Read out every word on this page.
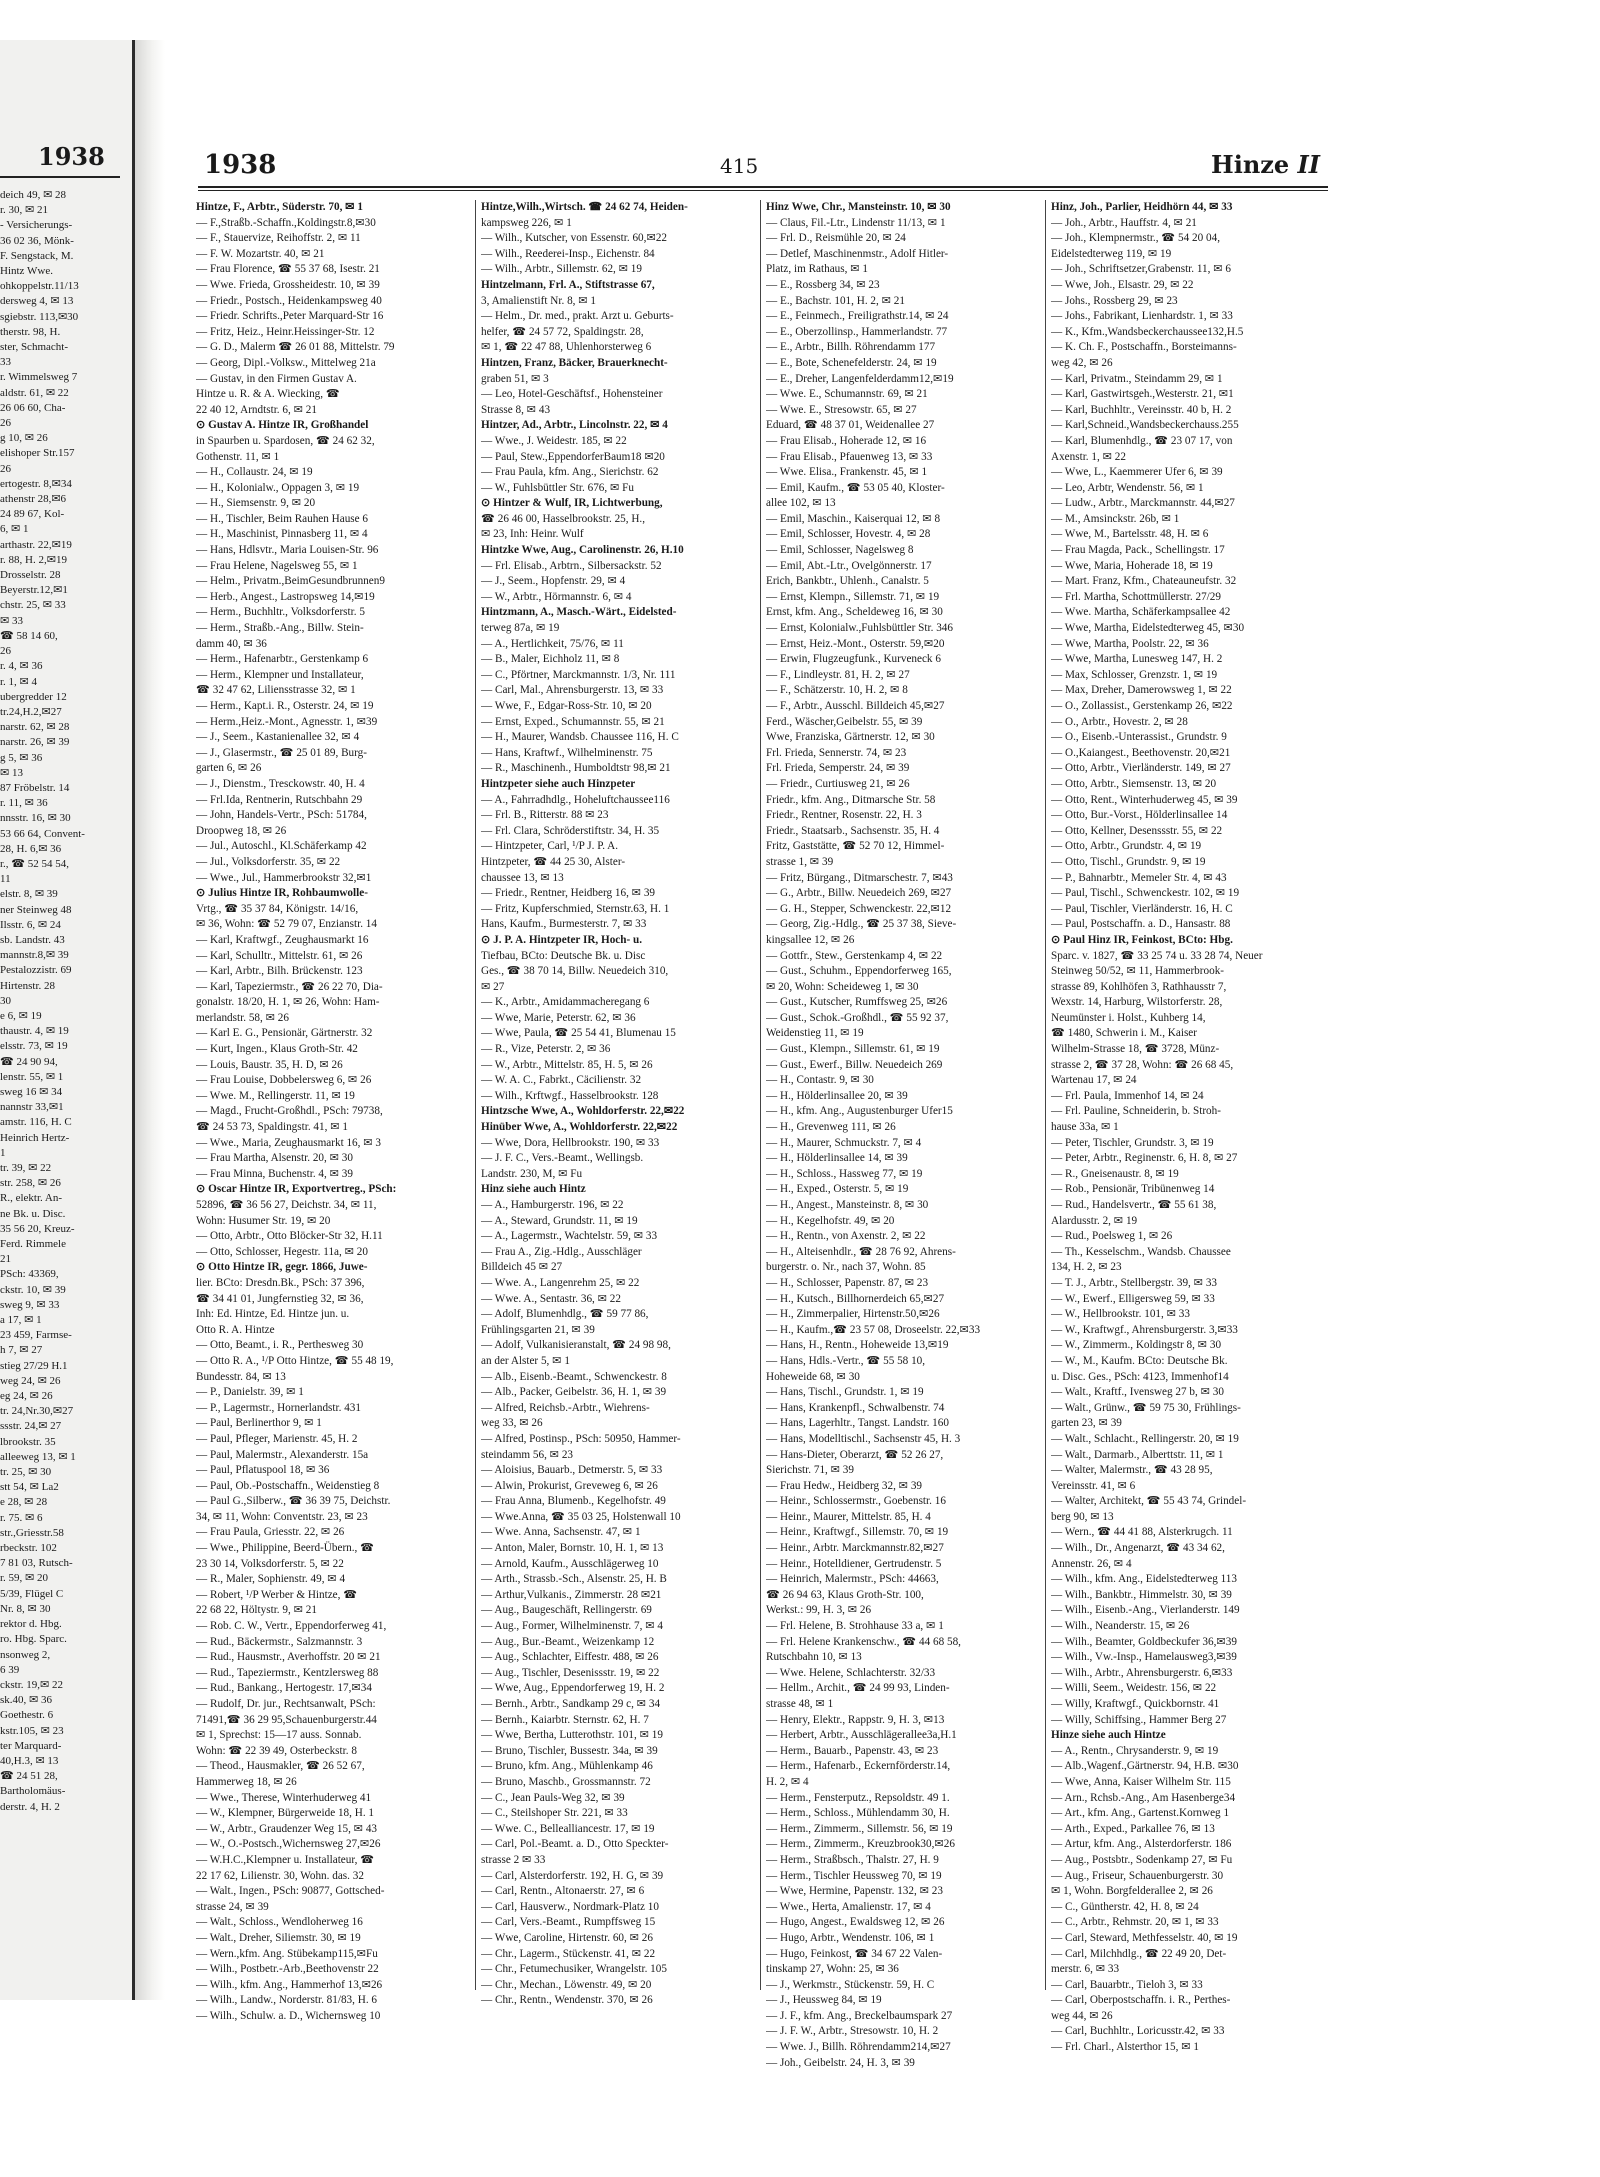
1938
deich 49, ✉ 28
r. 30, ✉ 21
- Versicherungs-
36 02 36, Mönk-
F. Sengstack, M.
Hintz Wwe.
ohkoppelstr.11/13
dersweg 4, ✉ 13
sgiebstr. 113,✉30
therstr. 98, H.
ster, Schmacht-
33
r. Wimmelsweg 7
aldstr. 61, ✉ 22
26 06 60, Cha-
26
g 10, ✉ 26
elishoper Str.157
26
ertogestr. 8,✉34
athenstr 28,✉6
24 89 67, Kol-
6, ✉ 1
arthastr. 22,✉19
r. 88, H. 2,✉19
Drosselstr. 28
Beyerstr.12,✉1
chstr. 25, ✉ 33
✉ 33
☎ 58 14 60,
26
r. 4, ✉ 36
r. 1, ✉ 4
ubergredder 12
tr.24,H.2,✉27
narstr. 62, ✉ 28
narstr. 26, ✉ 39
g 5, ✉ 36
✉ 13
87 Fröbelstr. 14
r. 11, ✉ 36
nnsstr. 16, ✉ 30
53 66 64, Convent-
28, H. 6,✉ 36
r., ☎ 52 54 54,
11
elstr. 8, ✉ 39
ner Steinweg 48
Ilsstr. 6, ✉ 24
sb. Landstr. 43
mannstr.8,✉ 39
Pestalozzistr. 69
Hirtenstr. 28
30
e 6, ✉ 19
thaustr. 4, ✉ 19
elsstr. 73, ✉ 19
☎ 24 90 94,
lenstr. 55, ✉ 1
sweg 16 ✉ 34
nannstr 33,✉1
amstr. 116, H. C
Heinrich Hertz-
1
tr. 39, ✉ 22
str. 258, ✉ 26
R., elektr. An-
ne Bk. u. Disc.
35 56 20, Kreuz-
Ferd. Rimmele
21
PSch: 43369,
ckstr. 10, ✉ 39
sweg 9, ✉ 33
a 17, ✉ 1
23 459, Farmse-
h 7, ✉ 27
stieg 27/29 H.1
weg 24, ✉ 26
eg 24, ✉ 26
tr. 24,Nr.30,✉27
ssstr. 24,✉ 27
lbrookstr. 35
alleeweg 13, ✉ 1
tr. 25, ✉ 30
stt 54, ✉ La2
e 28, ✉ 28
r. 75. ✉ 6
str.,Griesstr.58
rbeckstr. 102
7 81 03, Rutsch-
r. 59, ✉ 20
5/39, Flügel C
Nr. 8, ✉ 30
rektor d. Hbg.
ro. Hbg. Sparc.
nsonweg 2,
6 39
ckstr. 19,✉ 22
sk.40, ✉ 36
Goethestr. 6
kstr.105, ✉ 23
ter Marquard-
40,H.3, ✉ 13
☎ 24 51 28,
Bartholomäus-
derstr. 4, H. 2
1938	415	Hinze II
Hintze, F., Arbtr., Süderstr. 70, ✉ 1
— F.,Straßb.-Schaffn.,Koldingstr.8,✉30
— F., Stauervize, Reihoffstr. 2, ✉ 11
— F. W. Mozartstr. 40, ✉ 21
— Frau Florence, ☎ 55 37 68, Isestr. 21
— Wwe. Frieda, Grossheidestr. 10, ✉ 39
— Friedr., Postsch., Heidenkampsweg 40
— Friedr. Schrifts.,Peter Marquard-Str 16
— Fritz, Heiz., Heinr.Heissinger-Str. 12
— G. D., Malerm ☎ 26 01 88, Mittelstr. 79
— Georg, Dipl.-Volksw., Mittelweg 21a
— Gustav, in den Firmen Gustav A.
Hintze u. R. & A. Wiecking, ☎
22 40 12, Arndtstr. 6, ✉ 21
⊙ Gustav A. Hintze IR, Großhandel
in Spaurben u. Spardosen, ☎ 24 62 32,
Gothenstr. 11, ✉ 1
— H., Collaustr. 24, ✉ 19
— H., Kolonialw., Oppagen 3, ✉ 19
— H., Siemsenstr. 9, ✉ 20
— H., Tischler, Beim Rauhen Hause 6
— H., Maschinist, Pinnasberg 11, ✉ 4
— Hans, Hdlsvtr., Maria Louisen-Str. 96
— Frau Helene, Nagelsweg 55, ✉ 1
— Helm., Privatm.,BeimGesundbrunnen9
— Herb., Angest., Lastropsweg 14,✉19
— Herm., Buchhltr., Volksdorferstr. 5
— Herm., Straßb.-Ang., Billw. Stein-
damm 40, ✉ 36
— Herm., Hafenarbtr., Gerstenkamp 6
— Herm., Klempner und Installateur,
☎ 32 47 62, Liliensstrasse 32, ✉ 1
— Herm., Kapt.i. R., Osterstr. 24, ✉ 19
— Herm.,Heiz.-Mont., Agnesstr. 1, ✉39
— J., Seem., Kastanienallee 32, ✉ 4
— J., Glasermstr., ☎ 25 01 89, Burg-
garten 6, ✉ 26
— J., Dienstm., Tresckowstr. 40, H. 4
— Frl.Ida, Rentnerin, Rutschbahn 29
— John, Handels-Vertr., PSch: 51784,
Droopweg 18, ✉ 26
— Jul., Autoschl., Kl.Schäferkamp 42
— Jul., Volksdorferstr. 35, ✉ 22
— Wwe., Jul., Hammerbrookstr 32,✉1
⊙ Julius Hintze IR, Rohbaumwolle-
Vrtg., ☎ 35 37 84, Königstr. 14/16,
✉ 36, Wohn: ☎ 52 79 07, Enzianstr. 14
— Karl, Kraftwgf., Zeughausmarkt 16
— Karl, Schulltr., Mittelstr. 61, ✉ 26
— Karl, Arbtr., Bilh. Brückenstr. 123
— Karl, Tapeziermstr., ☎ 26 22 70, Dia-
gonalstr. 18/20, H. 1, ✉ 26, Wohn: Ham-
merlandstr. 58, ✉ 26
— Karl E. G., Pensionär, Gärtnerstr. 32
— Kurt, Ingen., Klaus Groth-Str. 42
— Louis, Baustr. 35, H. D, ✉ 26
— Frau Louise, Dobbelersweg 6, ✉ 26
— Wwe. M., Rellingerstr. 11, ✉ 19
— Magd., Frucht-Großhdl., PSch: 79738,
☎ 24 53 73, Spaldingstr. 41, ✉ 1
— Wwe., Maria, Zeughausmarkt 16, ✉ 3
— Frau Martha, Alsenstr. 20, ✉ 30
— Frau Minna, Buchenstr. 4, ✉ 39
⊙ Oscar Hintze IR, Exportvertreg., PSch:
52896, ☎ 36 56 27, Deichstr. 34, ✉ 11,
Wohn: Husumer Str. 19, ✉ 20
— Otto, Arbtr., Otto Blöcker-Str 32, H.11
— Otto, Schlosser, Hegestr. 11a, ✉ 20
⊙ Otto Hintze IR, gegr. 1866, Juwe-
lier. BCto: Dresdn.Bk., PSch: 37 396,
☎ 34 41 01, Jungfernstieg 32, ✉ 36,
Inh: Ed. Hintze, Ed. Hintze jun. u.
Otto R. A. Hintze
— Otto, Beamt., i. R., Perthesweg 30
— Otto R. A., ¹/P Otto Hintze, ☎ 55 48 19,
Bundesstr. 84, ✉ 13
— P., Danielstr. 39, ✉ 1
— P., Lagermstr., Hornerlandstr. 431
— Paul, Berlinerthor 9, ✉ 1
— Paul, Pfleger, Marienstr. 45, H. 2
— Paul, Malermstr., Alexanderstr. 15a
— Paul, Pflatuspool 18, ✉ 36
— Paul, Ob.-Postschaffn., Weidenstieg 8
— Paul G.,Silberw., ☎ 36 39 75, Deichstr.
34, ✉ 11, Wohn: Conventstr. 23, ✉ 23
— Frau Paula, Griesstr. 22, ✉ 26
— Wwe., Philippine, Beerd-Übern., ☎
23 30 14, Volksdorferstr. 5, ✉ 22
— R., Maler, Sophienstr. 49, ✉ 4
— Robert, ¹/P Werber & Hintze, ☎
22 68 22, Höltystr. 9, ✉ 21
— Rob. C. W., Vertr., Eppendorferweg 41,
— Rud., Bäckermstr., Salzmannstr. 3
— Rud., Hausmstr., Averhoffstr. 20 ✉ 21
— Rud., Tapeziermstr., Kentzlersweg 88
— Rud., Bankang., Hertogestr. 17,✉34
— Rudolf, Dr. jur., Rechtsanwalt, PSch:
71491,☎ 36 29 95,Schauenburgerstr.44
✉ 1, Sprechst: 15—17 auss. Sonnab.
Wohn: ☎ 22 39 49, Osterbeckstr. 8
— Theod., Hausmakler, ☎ 26 52 67,
Hammerweg 18, ✉ 26
— Wwe., Therese, Winterhuderweg 41
— W., Klempner, Bürgerweide 18, H. 1
— W., Arbtr., Graudenzer Weg 15, ✉ 43
— W., O.-Postsch.,Wichernsweg 27,✉26
— W.H.C.,Klempner u. Installateur, ☎
22 17 62, Lilienstr. 30, Wohn. das. 32
— Walt., Ingen., PSch: 90877, Gottsched-
strasse 24, ✉ 39
— Walt., Schloss., Wendloherweg 16
— Walt., Dreher, Siliemstr. 30, ✉ 19
— Wern.,kfm. Ang. Stübekamp115,✉Fu
— Wilh., Postbetr.-Arb.,Beethovenstr 22
— Wilh., kfm. Ang., Hammerhof 13,✉26
— Wilh., Landw., Norderstr. 81/83, H. 6
— Wilh., Schulw. a. D., Wichernsweg 10
Hintze,Wilh.,Wirtsch. ☎ 24 62 74, Heiden-
kampsweg 226, ✉ 1
— Wilh., Kutscher, von Essenstr. 60,✉22
— Wilh., Reederei-Insp., Eichenstr. 84
— Wilh., Arbtr., Sillemstr. 62, ✉ 19
Hintzelmann, Frl. A., Stiftstrasse 67,
3, Amalienstift Nr. 8, ✉ 1
— Helm., Dr. med., prakt. Arzt u. Geburts-
helfer, ☎ 24 57 72, Spaldingstr. 28,
✉ 1, ☎ 22 47 88, Uhlenhorsterweg 6
Hintzen, Franz, Bäcker, Brauerknecht-
graben 51, ✉ 3
— Leo, Hotel-Geschäftsf., Hohensteiner
Strasse 8, ✉ 43
Hintzer, Ad., Arbtr., Lincolnstr. 22, ✉ 4
— Wwe., J. Weidestr. 185, ✉ 22
— Paul, Stew.,EppendorferBaum18 ✉20
— Frau Paula, kfm. Ang., Sierichstr. 62
— W., Fuhlsbüttler Str. 676, ✉ Fu
⊙ Hintzer & Wulf, IR, Lichtwerbung,
☎ 26 46 00, Hasselbrookstr. 25, H.,
✉ 23, Inh: Heinr. Wulf
Hintzke Wwe, Aug., Carolinenstr. 26, H.10
— Frl. Elisab., Arbtrn., Silbersackstr. 52
— J., Seem., Hopfenstr. 29, ✉ 4
— W., Arbtr., Hörmannstr. 6, ✉ 4
Hintzmann, A., Masch.-Wärt., Eidelsted-
terweg 87a, ✉ 19
— A., Hertlichkeit, 75/76, ✉ 11
— B., Maler, Eichholz 11, ✉ 8
— C., Pförtner, Marckmannstr. 1/3, Nr. 111
— Carl, Mal., Ahrensburgerstr. 13, ✉ 33
— Wwe, F., Edgar-Ross-Str. 10, ✉ 20
— Ernst, Exped., Schumannstr. 55, ✉ 21
— H., Maurer, Wandsb. Chaussee 116, H. C
— Hans, Kraftwf., Wilhelminenstr. 75
— R., Maschinenh., Humboldtstr 98,✉ 21
Hintzpeter siehe auch Hinzpeter
— A., Fahrradhdlg., Hoheluftchaussee116
— Frl. B., Ritterstr. 88 ✉ 23
— Frl. Clara, Schröderstiftstr. 34, H. 35
— Hintzpeter, Carl, ¹/P J. P. A.
Hintzpeter, ☎ 44 25 30, Alster-
chaussee 13, ✉ 13
— Friedr., Rentner, Heidberg 16, ✉ 39
— Fritz, Kupferschmied, Sternstr.63, H. 1
Hans, Kaufm., Burmesterstr. 7, ✉ 33
⊙ J. P. A. Hintzpeter IR, Hoch- u.
Tiefbau, BCto: Deutsche Bk. u. Disc
Ges., ☎ 38 70 14, Billw. Neuedeich 310,
✉ 27
— K., Arbtr., Amidammacheregang 6
— Wwe, Marie, Peterstr. 62, ✉ 36
— Wwe, Paula, ☎ 25 54 41, Blumenau 15
— R., Vize, Peterstr. 2, ✉ 36
— W., Arbtr., Mittelstr. 85, H. 5, ✉ 26
— W. A. C., Fabrkt., Cäcilienstr. 32
— Wilh., Krftwgf., Hasselbrookstr. 128
Hintzsche Wwe, A., Wohldorferstr. 22,✉22
Hinüber Wwe, A., Wohldorferstr. 22,✉22
— Wwe, Dora, Hellbrookstr. 190, ✉ 33
— J. F. C., Vers.-Beamt., Wellingsb.
Landstr. 230, M, ✉ Fu
Hinz siehe auch Hintz
— A., Hamburgerstr. 196, ✉ 22
— A., Steward, Grundstr. 11, ✉ 19
— A., Lagermstr., Wachtelstr. 59, ✉ 33
— Frau A., Zig.-Hdlg., Ausschläger
Billdeich 45 ✉ 27
— Wwe. A., Langenrehm 25, ✉ 22
— Wwe. A., Sentastr. 36, ✉ 22
— Adolf, Blumenhdlg., ☎ 59 77 86,
Frühlingsgarten 21, ✉ 39
— Adolf, Vulkanisieranstalt, ☎ 24 98 98,
an der Alster 5, ✉ 1
— Alb., Eisenb.-Beamt., Schwenckestr. 8
— Alb., Packer, Geibelstr. 36, H. 1, ✉ 39
— Alfred, Reichsb.-Arbtr., Wiehrens-
weg 33, ✉ 26
— Alfred, Postinsp., PSch: 50950, Hammer-
steindamm 56, ✉ 23
— Aloisius, Bauarb., Detmerstr. 5, ✉ 33
— Alwin, Prokurist, Greveweg 6, ✉ 26
— Frau Anna, Blumenb., Kegelhofstr. 49
— Wwe.Anna, ☎ 35 03 25, Holstenwall 10
— Wwe. Anna, Sachsenstr. 47, ✉ 1
— Anton, Maler, Bornstr. 10, H. 1, ✉ 13
— Arnold, Kaufm., Ausschlägerweg 10
— Arth., Strassb.-Sch., Alsenstr. 25, H. B
— Arthur,Vulkanis., Zimmerstr. 28 ✉21
— Aug., Baugeschäft, Rellingerstr. 69
— Aug., Former, Wilhelminenstr. 7, ✉ 4
— Aug., Bur.-Beamt., Weizenkamp 12
— Aug., Schlachter, Eiffestr. 488, ✉ 26
— Aug., Tischler, Desenissstr. 19, ✉ 22
— Wwe, Aug., Eppendorferweg 19, H. 2
— Bernh., Arbtr., Sandkamp 29 c, ✉ 34
— Bernh., Kaiarbtr. Sternstr. 62, H. 7
— Wwe, Bertha, Lutterothstr. 101, ✉ 19
— Bruno, Tischler, Bussestr. 34a, ✉ 39
— Bruno, kfm. Ang., Mühlenkamp 46
— Bruno, Maschb., Grossmannstr. 72
— C., Jean Pauls-Weg 32, ✉ 39
— C., Steilshoper Str. 221, ✉ 33
— Wwe. C., Bellealliancestr. 17, ✉ 19
— Carl, Pol.-Beamt. a. D., Otto Speckter-
strasse 2 ✉ 33
— Carl, Alsterdorferstr. 192, H. G, ✉ 39
— Carl, Rentn., Altonaerstr. 27, ✉ 6
— Carl, Hausverw., Nordmark-Platz 10
— Carl, Vers.-Beamt., Rumpffsweg 15
— Wwe, Caroline, Hirtenstr. 60, ✉ 26
— Chr., Lagerm., Stückenstr. 41, ✉ 22
— Chr., Fetumechusiker, Wrangelstr. 105
— Chr., Mechan., Löwenstr. 49, ✉ 20
— Chr., Rentn., Wendenstr. 370, ✉ 26
Hinz Wwe, Chr., Mansteinstr. 10, ✉ 30
— Claus, Fil.-Ltr., Lindenstr 11/13, ✉ 1
— Frl. D., Reismühle 20, ✉ 24
— Detlef, Maschinenmstr., Adolf Hitler-
Platz, im Rathaus, ✉ 1
— E., Rossberg 34, ✉ 23
— E., Bachstr. 101, H. 2, ✉ 21
— E., Feinmech., Freiligrathstr.14, ✉ 24
— E., Oberzollinsp., Hammerlandstr. 77
— E., Arbtr., Billh. Röhrendamm 177
— E., Bote, Schenefelderstr. 24, ✉ 19
— E., Dreher, Langenfelderdamm12,✉19
— Wwe. E., Schumannstr. 69, ✉ 21
— Wwe. E., Stresowstr. 65, ✉ 27
Eduard, ☎ 48 37 01, Weidenallee 27
— Frau Elisab., Hoherade 12, ✉ 16
— Frau Elisab., Pfauenweg 13, ✉ 33
— Wwe. Elisa., Frankenstr. 45, ✉ 1
— Emil, Kaufm., ☎ 53 05 40, Kloster-
allee 102, ✉ 13
— Emil, Maschin., Kaiserquai 12, ✉ 8
— Emil, Schlosser, Hovestr. 4, ✉ 28
— Emil, Schlosser, Nagelsweg 8
— Emil, Abt.-Ltr., Ovelgönnerstr. 17
Erich, Bankbtr., Uhlenh., Canalstr. 5
— Ernst, Klempn., Sillemstr. 71, ✉ 19
Ernst, kfm. Ang., Scheldeweg 16, ✉ 30
— Ernst, Kolonialw.,Fuhlsbüttler Str. 346
— Ernst, Heiz.-Mont., Osterstr. 59,✉20
— Erwin, Flugzeugfunk., Kurveneck 6
— F., Lindleystr. 81, H. 2, ✉ 27
— F., Schätzerstr. 10, H. 2, ✉ 8
— F., Arbtr., Ausschl. Billdeich 45,✉27
Ferd., Wäscher,Geibelstr. 55, ✉ 39
Wwe, Franziska, Gärtnerstr. 12, ✉ 30
Frl. Frieda, Sennerstr. 74, ✉ 23
Frl. Frieda, Semperstr. 24, ✉ 39
— Friedr., Curtiusweg 21, ✉ 26
Friedr., kfm. Ang., Ditmarsche Str. 58
Friedr., Rentner, Rosenstr. 22, H. 3
Friedr., Staatsarb., Sachsenstr. 35, H. 4
Fritz, Gaststätte, ☎ 52 70 12, Himmel-
strasse 1, ✉ 39
— Fritz, Bürgang., Ditmarschestr. 7, ✉43
— G., Arbtr., Billw. Neuedeich 269, ✉27
— G. H., Stepper, Schwenckestr. 22,✉12
— Georg, Zig.-Hdlg., ☎ 25 37 38, Sieve-
kingsallee 12, ✉ 26
— Gottfr., Stew., Gerstenkamp 4, ✉ 22
— Gust., Schuhm., Eppendorferweg 165,
✉ 20, Wohn: Scheideweg 1, ✉ 30
— Gust., Kutscher, Rumffsweg 25, ✉26
— Gust., Schok.-Großhdl., ☎ 55 92 37,
Weidenstieg 11, ✉ 19
— Gust., Klempn., Sillemstr. 61, ✉ 19
— Gust., Ewerf., Billw. Neuedeich 269
— H., Contastr. 9, ✉ 30
— H., Hölderlinsallee 20, ✉ 39
— H., kfm. Ang., Augustenburger Ufer15
— H., Grevenweg 111, ✉ 26
— H., Maurer, Schmuckstr. 7, ✉ 4
— H., Hölderlinsallee 14, ✉ 39
— H., Schloss., Hassweg 77, ✉ 19
— H., Exped., Osterstr. 5, ✉ 19
— H., Angest., Mansteinstr. 8, ✉ 30
— H., Kegelhofstr. 49, ✉ 20
— H., Rentn., von Axenstr. 2, ✉ 22
— H., Alteisenhdlr., ☎ 28 76 92, Ahrens-
burgerstr. o. Nr., nach 37, Wohn. 85
— H., Schlosser, Papenstr. 87, ✉ 23
— H., Kutsch., Billhornerdeich 65,✉27
— H., Zimmerpalier, Hirtenstr.50,✉26
— H., Kaufm.,☎ 23 57 08, Droseelstr. 22,✉33
— Hans, H., Rentn., Hoheweide 13,✉19
— Hans, Hdls.-Vertr., ☎ 55 58 10,
Hoheweide 68, ✉ 30
— Hans, Tischl., Grundstr. 1, ✉ 19
— Hans, Krankenpfl., Schwalbenstr. 74
— Hans, Lagerhltr., Tangst. Landstr. 160
— Hans, Modelltischl., Sachsenstr 45, H. 3
— Hans-Dieter, Oberarzt, ☎ 52 26 27,
Sierichstr. 71, ✉ 39
— Frau Hedw., Heidberg 32, ✉ 39
— Heinr., Schlossermstr., Goebenstr. 16
— Heinr., Maurer, Mittelstr. 85, H. 4
— Heinr., Kraftwgf., Sillemstr. 70, ✉ 19
— Heinr., Arbtr. Marckmannstr.82,✉27
— Heinr., Hotelldiener, Gertrudenstr. 5
— Heinrich, Malermstr., PSch: 44663,
☎ 26 94 63, Klaus Groth-Str. 100,
Werkst.: 99, H. 3, ✉ 26
— Frl. Helene, B. Strohhause 33 a, ✉ 1
— Frl. Helene Krankenschw., ☎ 44 68 58,
Rutschbahn 10, ✉ 13
— Wwe. Helene, Schlachterstr. 32/33
— Hellm., Archit., ☎ 24 99 93, Linden-
strasse 48, ✉ 1
— Henry, Elektr., Rappstr. 9, H. 3, ✉13
— Herbert, Arbtr., Ausschlägerallee3a,H.1
— Herm., Bauarb., Papenstr. 43, ✉ 23
— Herm., Hafenarb., Eckernförderstr.14,
H. 2, ✉ 4
— Herm., Fensterputz., Repsoldstr. 49 1.
— Herm., Schloss., Mühlendamm 30, H.
— Herm., Zimmerm., Sillemstr. 56, ✉ 19
— Herm., Zimmerm., Kreuzbrook30,✉26
— Herm., Straßbsch., Thalstr. 27, H. 9
— Herm., Tischler Heussweg 70, ✉ 19
— Wwe, Hermine, Papenstr. 132, ✉ 23
— Wwe., Herta, Amalienstr. 17, ✉ 4
— Hugo, Angest., Ewaldsweg 12, ✉ 26
— Hugo, Arbtr., Wendenstr. 106, ✉ 1
— Hugo, Feinkost, ☎ 34 67 22 Valen-
tinskamp 27, Wohn: 25, ✉ 36
— J., Werkmstr., Stückenstr. 59, H. C
— J., Heussweg 84, ✉ 19
— J. F., kfm. Ang., Breckelbaumspark 27
— J. F. W., Arbtr., Stresowstr. 10, H. 2
— Wwe. J., Billh. Röhrendamm214,✉27
— Joh., Geibelstr. 24, H. 3, ✉ 39
Hinz, Joh., Parlier, Heidhörn 44, ✉ 33
— Joh., Arbtr., Hauffstr. 4, ✉ 21
— Joh., Klempnermstr., ☎ 54 20 04,
Eidelstedterweg 119, ✉ 19
— Joh., Schriftsetzer,Grabenstr. 11, ✉ 6
— Wwe, Joh., Elsastr. 29, ✉ 22
— Johs., Rossberg 29, ✉ 23
— Johs., Fabrikant, Lienhardstr. 1, ✉ 33
— K., Kfm.,Wandsbeckerchaussee132,H.5
— K. Ch. F., Postschaffn., Borsteimanns-
weg 42, ✉ 26
— Karl, Privatm., Steindamm 29, ✉ 1
— Karl, Gastwirtsgeh.,Westerstr. 21, ✉1
— Karl, Buchhltr., Vereinsstr. 40 b, H. 2
— Karl,Schneid.,Wandsbeckerchauss.255
— Karl, Blumenhdlg., ☎ 23 07 17, von
Axenstr. 1, ✉ 22
— Wwe, L., Kaemmerer Ufer 6, ✉ 39
— Leo, Arbtr, Wendenstr. 56, ✉ 1
— Ludw., Arbtr., Marckmannstr. 44,✉27
— M., Amsinckstr. 26b, ✉ 1
— Wwe, M., Bartelsstr. 48, H. ✉ 6
— Frau Magda, Pack., Schellingstr. 17
— Wwe, Maria, Hoherade 18, ✉ 19
— Mart. Franz, Kfm., Chateauneufstr. 32
— Frl. Martha, Schottmüllerstr. 27/29
— Wwe. Martha, Schäferkampsallee 42
— Wwe, Martha, Eidelstedterweg 45, ✉30
— Wwe, Martha, Poolstr. 22, ✉ 36
— Wwe, Martha, Lunesweg 147, H. 2
— Max, Schlosser, Grenzstr. 1, ✉ 19
— Max, Dreher, Damerowsweg 1, ✉ 22
— O., Zollassist., Gerstenkamp 26, ✉22
— O., Arbtr., Hovestr. 2, ✉ 28
— O., Eisenb.-Unterassist., Grundstr. 9
— O.,Kaiangest., Beethovenstr. 20,✉21
— Otto, Arbtr., Vierländerstr. 149, ✉ 27
— Otto, Arbtr., Siemsenstr. 13, ✉ 20
— Otto, Rent., Winterhuderweg 45, ✉ 39
— Otto, Bur.-Vorst., Hölderlinsallee 14
— Otto, Kellner, Desenssstr. 55, ✉ 22
— Otto, Arbtr., Grundstr. 4, ✉ 19
— Otto, Tischl., Grundstr. 9, ✉ 19
— P., Bahnarbtr., Memeler Str. 4, ✉ 43
— Paul, Tischl., Schwenckestr. 102, ✉ 19
— Paul, Tischler, Vierländerstr. 16, H. C
— Paul, Postschaffn. a. D., Hansastr. 88
⊙ Paul Hinz IR, Feinkost, BCto: Hbg.
Sparc. v. 1827, ☎ 33 25 74 u. 33 28 74, Neuer
Steinweg 50/52, ✉ 11, Hammerbrook-
strasse 89, Kohlhöfen 3, Rathhausstr 7,
Wexstr. 14, Harburg, Wilstorferstr. 28,
Neumünster i. Holst., Kuhberg 14,
☎ 1480, Schwerin i. M., Kaiser
Wilhelm-Strasse 18, ☎ 3728, Münz-
strasse 2, ☎ 37 28, Wohn: ☎ 26 68 45,
Wartenau 17, ✉ 24
— Frl. Paula, Immenhof 14, ✉ 24
— Frl. Pauline, Schneiderin, b. Stroh-
hause 33a, ✉ 1
— Peter, Tischler, Grundstr. 3, ✉ 19
— Peter, Arbtr., Reginenstr. 6, H. 8, ✉ 27
— R., Gneisenaustr. 8, ✉ 19
— Rob., Pensionär, Tribünenweg 14
— Rud., Handelsvertr., ☎ 55 61 38,
Alardusstr. 2, ✉ 19
— Rud., Poelsweg 1, ✉ 26
— Th., Kesselschm., Wandsb. Chaussee
134, H. 2, ✉ 23
— T. J., Arbtr., Stellbergstr. 39, ✉ 33
— W., Ewerf., Elligersweg 59, ✉ 33
— W., Hellbrookstr. 101, ✉ 33
— W., Kraftwgf., Ahrensburgerstr. 3,✉33
— W., Zimmerm., Koldingstr 8, ✉ 30
— W., M., Kaufm. BCto: Deutsche Bk.
u. Disc. Ges., PSch: 4123, Immenhof14
— Walt., Kraftf., Ivensweg 27 b, ✉ 30
— Walt., Grünw., ☎ 59 75 30, Frühlings-
garten 23, ✉ 39
— Walt., Schlacht., Rellingerstr. 20, ✉ 19
— Walt., Darmarb., Alberttstr. 11, ✉ 1
— Walter, Malermstr., ☎ 43 28 95,
Vereinsstr. 41, ✉ 6
— Walter, Architekt, ☎ 55 43 74, Grindel-
berg 90, ✉ 13
— Wern., ☎ 44 41 88, Alsterkrugch. 11
— Wilh., Dr., Angenarzt, ☎ 43 34 62,
Annenstr. 26, ✉ 4
— Wilh., kfm. Ang., Eidelstedterweg 113
— Wilh., Bankbtr., Himmelstr. 30, ✉ 39
— Wilh., Eisenb.-Ang., Vierlanderstr. 149
— Wilh., Neanderstr. 15, ✉ 26
— Wilh., Beamter, Goldbeckufer 36,✉39
— Wilh., Vw.-Insp., Hamelausweg3,✉39
— Wilh., Arbtr., Ahrensburgerstr. 6,✉33
— Willi, Seem., Weidestr. 156, ✉ 22
— Willy, Kraftwgf., Quickbornstr. 41
— Willy, Schiffsing., Hammer Berg 27
Hinze siehe auch Hintze
— A., Rentn., Chrysanderstr. 9, ✉ 19
— Alb.,Wagenf.,Gärtnerstr. 94, H.B. ✉30
— Wwe, Anna, Kaiser Wilhelm Str. 115
— Arn., Rchsb.-Ang., Am Hasenberge34
— Art., kfm. Ang., Gartenst.Kornweg 1
— Arth., Exped., Parkallee 76, ✉ 13
— Artur, kfm. Ang., Alsterdorferstr. 186
— Aug., Postsbtr., Sodenkamp 27, ✉ Fu
— Aug., Friseur, Schauenburgerstr. 30
✉ 1, Wohn. Borgfelderallee 2, ✉ 26
— C., Güntherstr. 42, H. 8, ✉ 24
— C., Arbtr., Rehmstr. 20, ✉ 1, ✉ 33
— Carl, Steward, Methfesselstr. 40, ✉ 19
— Carl, Milchhdlg., ☎ 22 49 20, Det-
merstr. 6, ✉ 33
— Carl, Bauarbtr., Tieloh 3, ✉ 33
— Carl, Oberpostschaffn. i. R., Perthes-
weg 44, ✉ 26
— Carl, Buchhltr., Loricusstr.42, ✉ 33
— Frl. Charl., Alsterthor 15, ✉ 1
